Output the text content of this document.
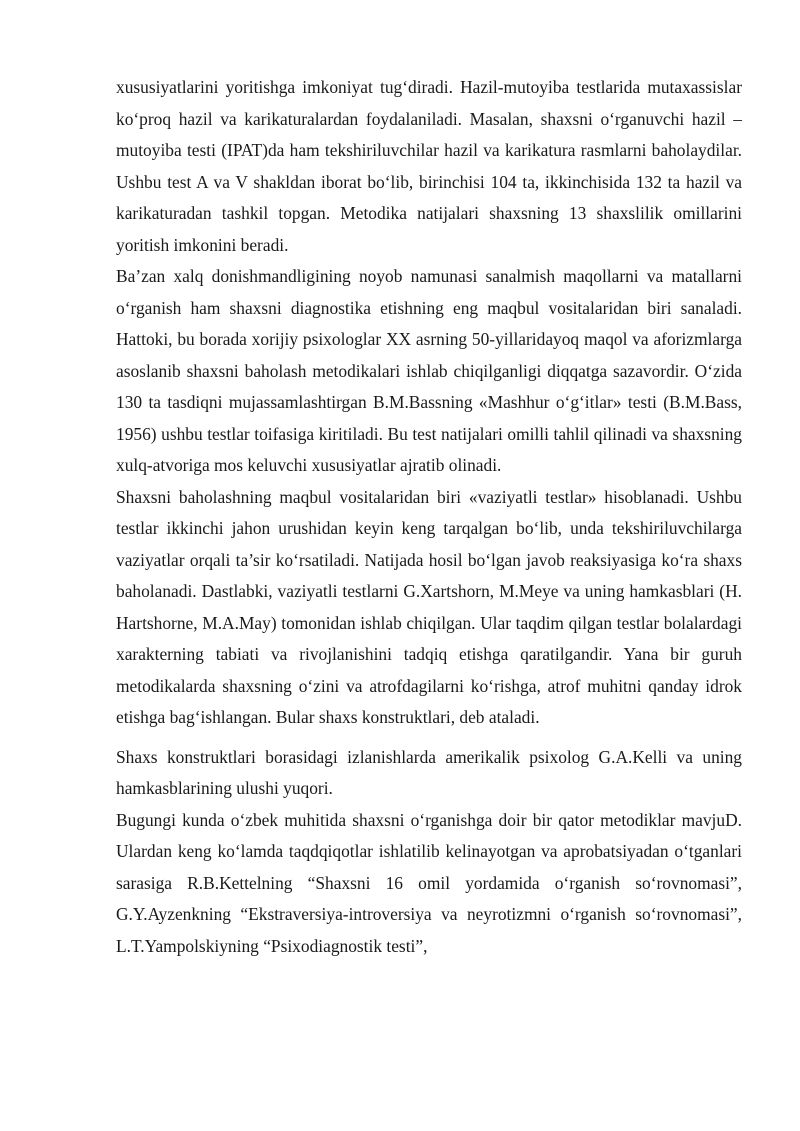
xususiyatlarini yoritishga imkoniyat tug‘diradi. Hazil-mutoyiba testlarida mutaxassislar ko‘proq hazil va karikaturalardan foydalaniladi. Masalan, shaxsni o‘rganuvchi hazil –mutoyiba testi (IPAT)da ham tekshiriluvchilar hazil va karikatura rasmlarni baholaydilar. Ushbu test A va V shakldan iborat bo‘lib, birinchisi 104 ta, ikkinchisida 132 ta hazil va karikaturadan tashkil topgan. Metodika natijalari shaxsning 13 shaxslilik omillarini yoritish imkonini beradi.

Ba’zan xalq donishmandligining noyob namunasi sanalmish maqollarni va matallarni o‘rganish ham shaxsni diagnostika etishning eng maqbul vositalaridan biri sanaladi. Hattoki, bu borada xorijiy psixologlar XX asrning 50-yillaridayoq maqol va aforizmlarga asoslanib shaxsni baholash metodikalari ishlab chiqilganligi diqqatga sazavordir. O‘zida 130 ta tasdiqni mujassamlashtirgan B.M.Bassning «Mashhur o‘g‘itlar» testi (B.M.Bass, 1956) ushbu testlar toifasiga kiritiladi. Bu test natijalari omilli tahlil qilinadi va shaxsning xulq-atvoriga mos keluvchi xususiyatlar ajratib olinadi.

Shaxsni baholashning maqbul vositalaridan biri «vaziyatli testlar» hisoblanadi. Ushbu testlar ikkinchi jahon urushidan keyin keng tarqalgan bo‘lib, unda tekshiriluvchilarga vaziyatlar orqali ta’sir ko‘rsatiladi. Natijada hosil bo‘lgan javob reaksiyasiga ko‘ra shaxs baholanadi. Dastlabki, vaziyatli testlarni G.Xartshorn, M.Meye va uning hamkasblari (H. Hartshorne, M.A.May) tomonidan ishlab chiqilgan. Ular taqdim qilgan testlar bolalardagi xarakterning tabiati va rivojlanishini tadqiq etishga qaratilgandir. Yana bir guruh metodikalarda shaxsning o‘zini va atrofdagilarni ko‘rishga, atrof muhitni qanday idrok etishga bag‘ishlangan. Bular shaxs konstruktlari, deb ataladi.

Shaxs konstruktlari borasidagi izlanishlarda amerikalik psixolog G.A.Kelli va uning hamkasblarining ulushi yuqori.

Bugungi kunda o‘zbek muhitida shaxsni o‘rganishga doir bir qator metodiklar mavjuD. Ulardan keng ko‘lamda taqdqiqotlar ishlatilib kelinayotgan va aprobatsiyadan o‘tganlari sarasiga R.B.Kettelning “Shaxsni 16 omil yordamida o‘rganish so‘rovnomasi”, G.Y.Ayzenkning “Ekstraversiya-introversiya va neyrotizmni o‘rganish so‘rovnomasi”, L.T.Yampolskiyning “Psixodiagnostik testi”,
